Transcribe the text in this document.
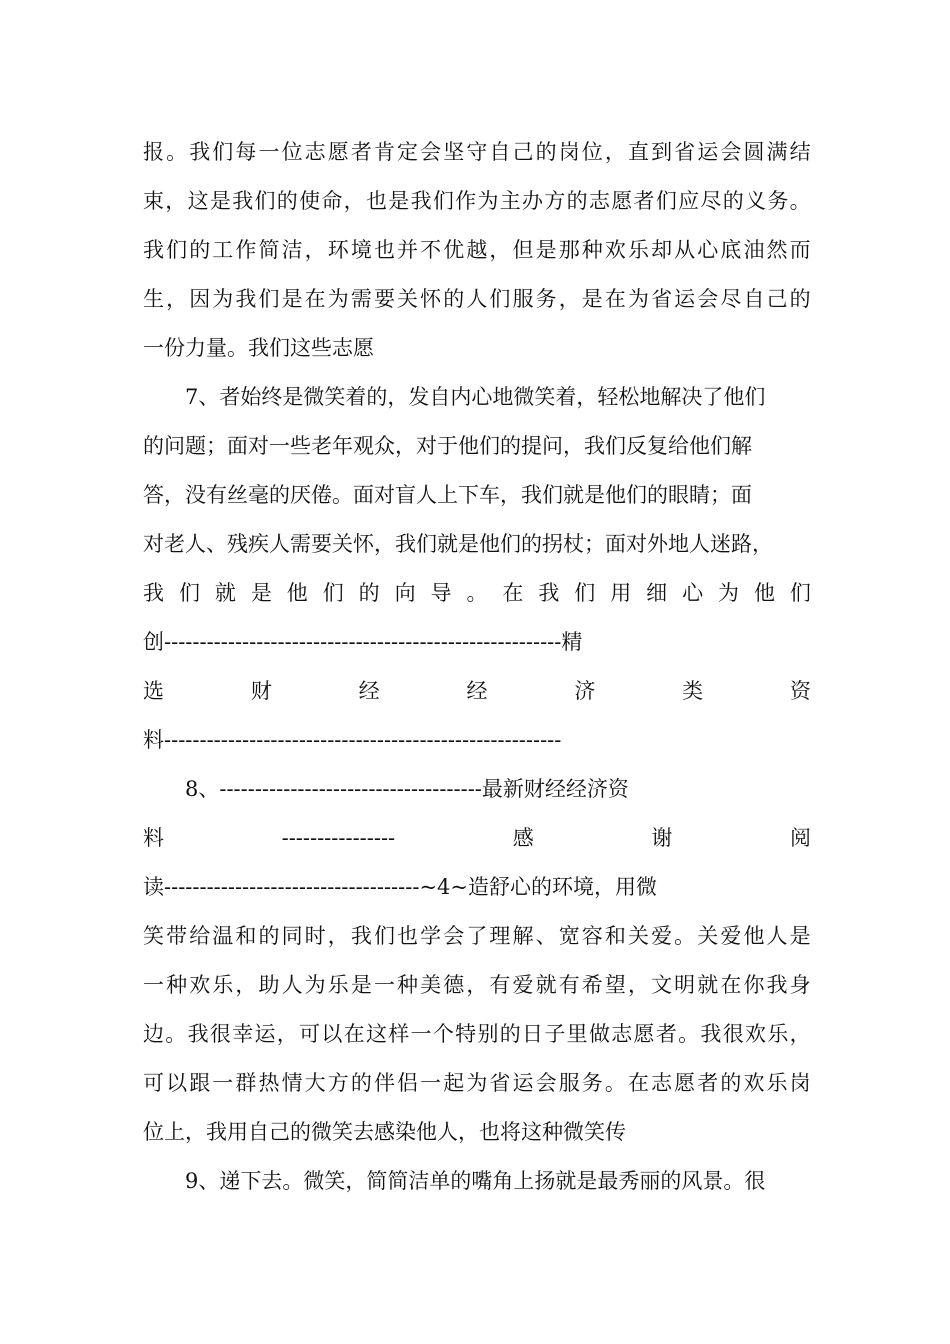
报 。 我 们 每 一 位 志 愿 者 肯 定 会 坚 守 自 己 的 岗 位 ， 直 到 省 运 会 圆 满 结
束 ， 这 是 我 们 的 使 命 ， 也 是 我 们 作 为 主 办 方 的 志 愿 者 们 应 尽 的 义 务 。
我 们 的 工 作 简 洁 ， 环 境 也 并 不 优 越 ， 但 是 那 种 欢 乐 却 从 心 底 油 然 而
生 ， 因 为 我 们 是 在 为 需 要 关 怀 的 人 们 服 务 ， 是 在 为 省 运 会 尽 自 己 的
一份力量。我们这些志愿

　　7、者始终是微笑着的，发自内心地微笑着，轻松地解决了他们
的问题；面对一些老年观众，对于他们的提问，我们反复给他们解
答，没有丝毫的厌倦。面对盲人上下车，我们就是他们的眼睛；面
对老人、残疾人需要关怀，我们就是他们的拐杖；面对外地人迷路，
我 们 就 是 他 们 的 向 导 。 在 我 们 用 细 心 为 他 们
创--------------------------------------------------------精
选	财	经	经	济	类	资
料--------------------------------------------------------

　　8、-------------------------------------最新财经经济资
料	----------------	感	谢	阅
读------------------------------------~4~造舒心的环境，用微
笑 带 给 温 和 的 同 时 ， 我 们 也 学 会 了 理 解 、 宽 容 和 关 爱 。 关 爱 他 人 是
一 种 欢 乐 ， 助 人 为 乐 是 一 种 美 德 ， 有 爱 就 有 希 望 ， 文 明 就 在 你 我 身
边 。 我 很 幸 运 ， 可 以 在 这 样 一 个 特 别 的 日 子 里 做 志 愿 者 。 我 很 欢 乐 ，
可 以 跟 一 群 热 情 大 方 的 伴 侣 一 起 为 省 运 会 服 务 。 在 志 愿 者 的 欢 乐 岗
位上，我用自己的微笑去感染他人，也将这种微笑传

　　9、递下去。微笑，简简洁单的嘴角上扬就是最秀丽的风景。很
